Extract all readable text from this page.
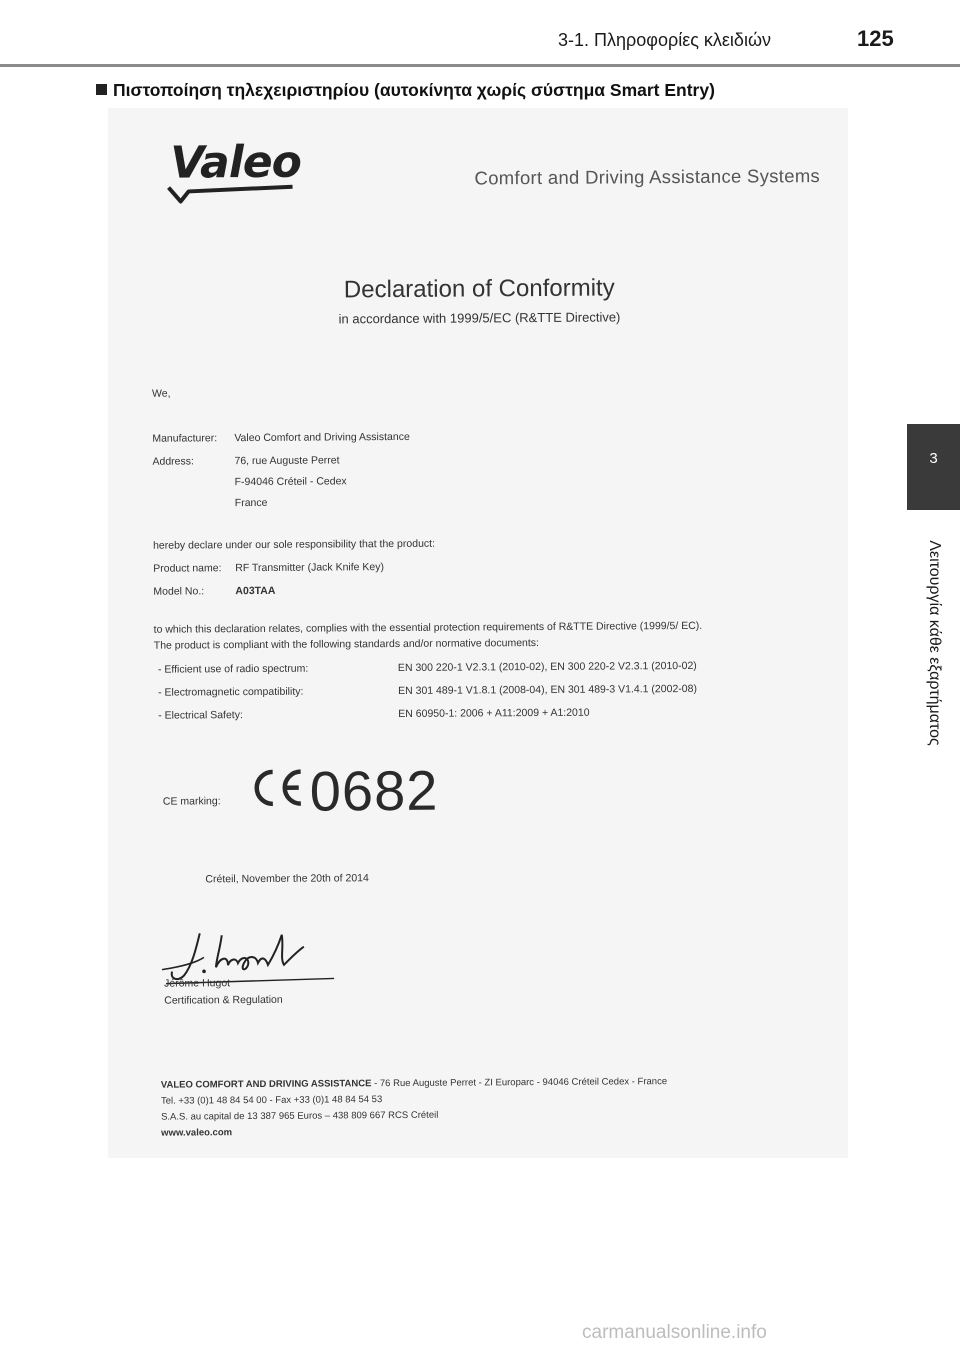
3-1. Πληροφορίες κλειδιών	125
Πιστοποίηση τηλεχειριστηρίου (αυτοκίνητα χωρίς σύστημα Smart Entry)
3
Λειτουργία κάθε εξαρτήματος
Valeo	Comfort and Driving Assistance Systems
Declaration of Conformity
in accordance with 1999/5/EC (R&TTE Directive)
We,
Manufacturer: Valeo Comfort and Driving Assistance
Address:	76, rue Auguste Perret
F-94046 Créteil - Cedex
France
hereby declare under our sole responsibility that the product:
Product name: RF Transmitter (Jack Knife Key)
Model No.:	A03TAA
to which this declaration relates, complies with the essential protection requirements of R&TTE Directive (1999/5/ EC).
The product is compliant with the following standards and/or normative documents:
- Efficient use of radio spectrum:	EN 300 220-1 V2.3.1 (2010-02), EN 300 220-2 V2.3.1 (2010-02)
- Electromagnetic compatibility:	EN 301 489-1 V1.8.1 (2008-04), EN 301 489-3 V1.4.1 (2002-08)
- Electrical Safety:	EN 60950-1: 2006 + A11:2009 + A1:2010
CE marking: 0682
Créteil, November the 20th of 2014
Jérôme Hugot
Certification & Regulation
VALEO COMFORT AND DRIVING ASSISTANCE - 76 Rue Auguste Perret - ZI Europarc - 94046 Créteil Cedex - France
Tel. +33 (0)1 48 84 54 00 - Fax +33 (0)1 48 84 54 53
S.A.S. au capital de 13 387 965 Euros – 438 809 667 RCS Créteil
www.valeo.com
carmanualsonline.info
